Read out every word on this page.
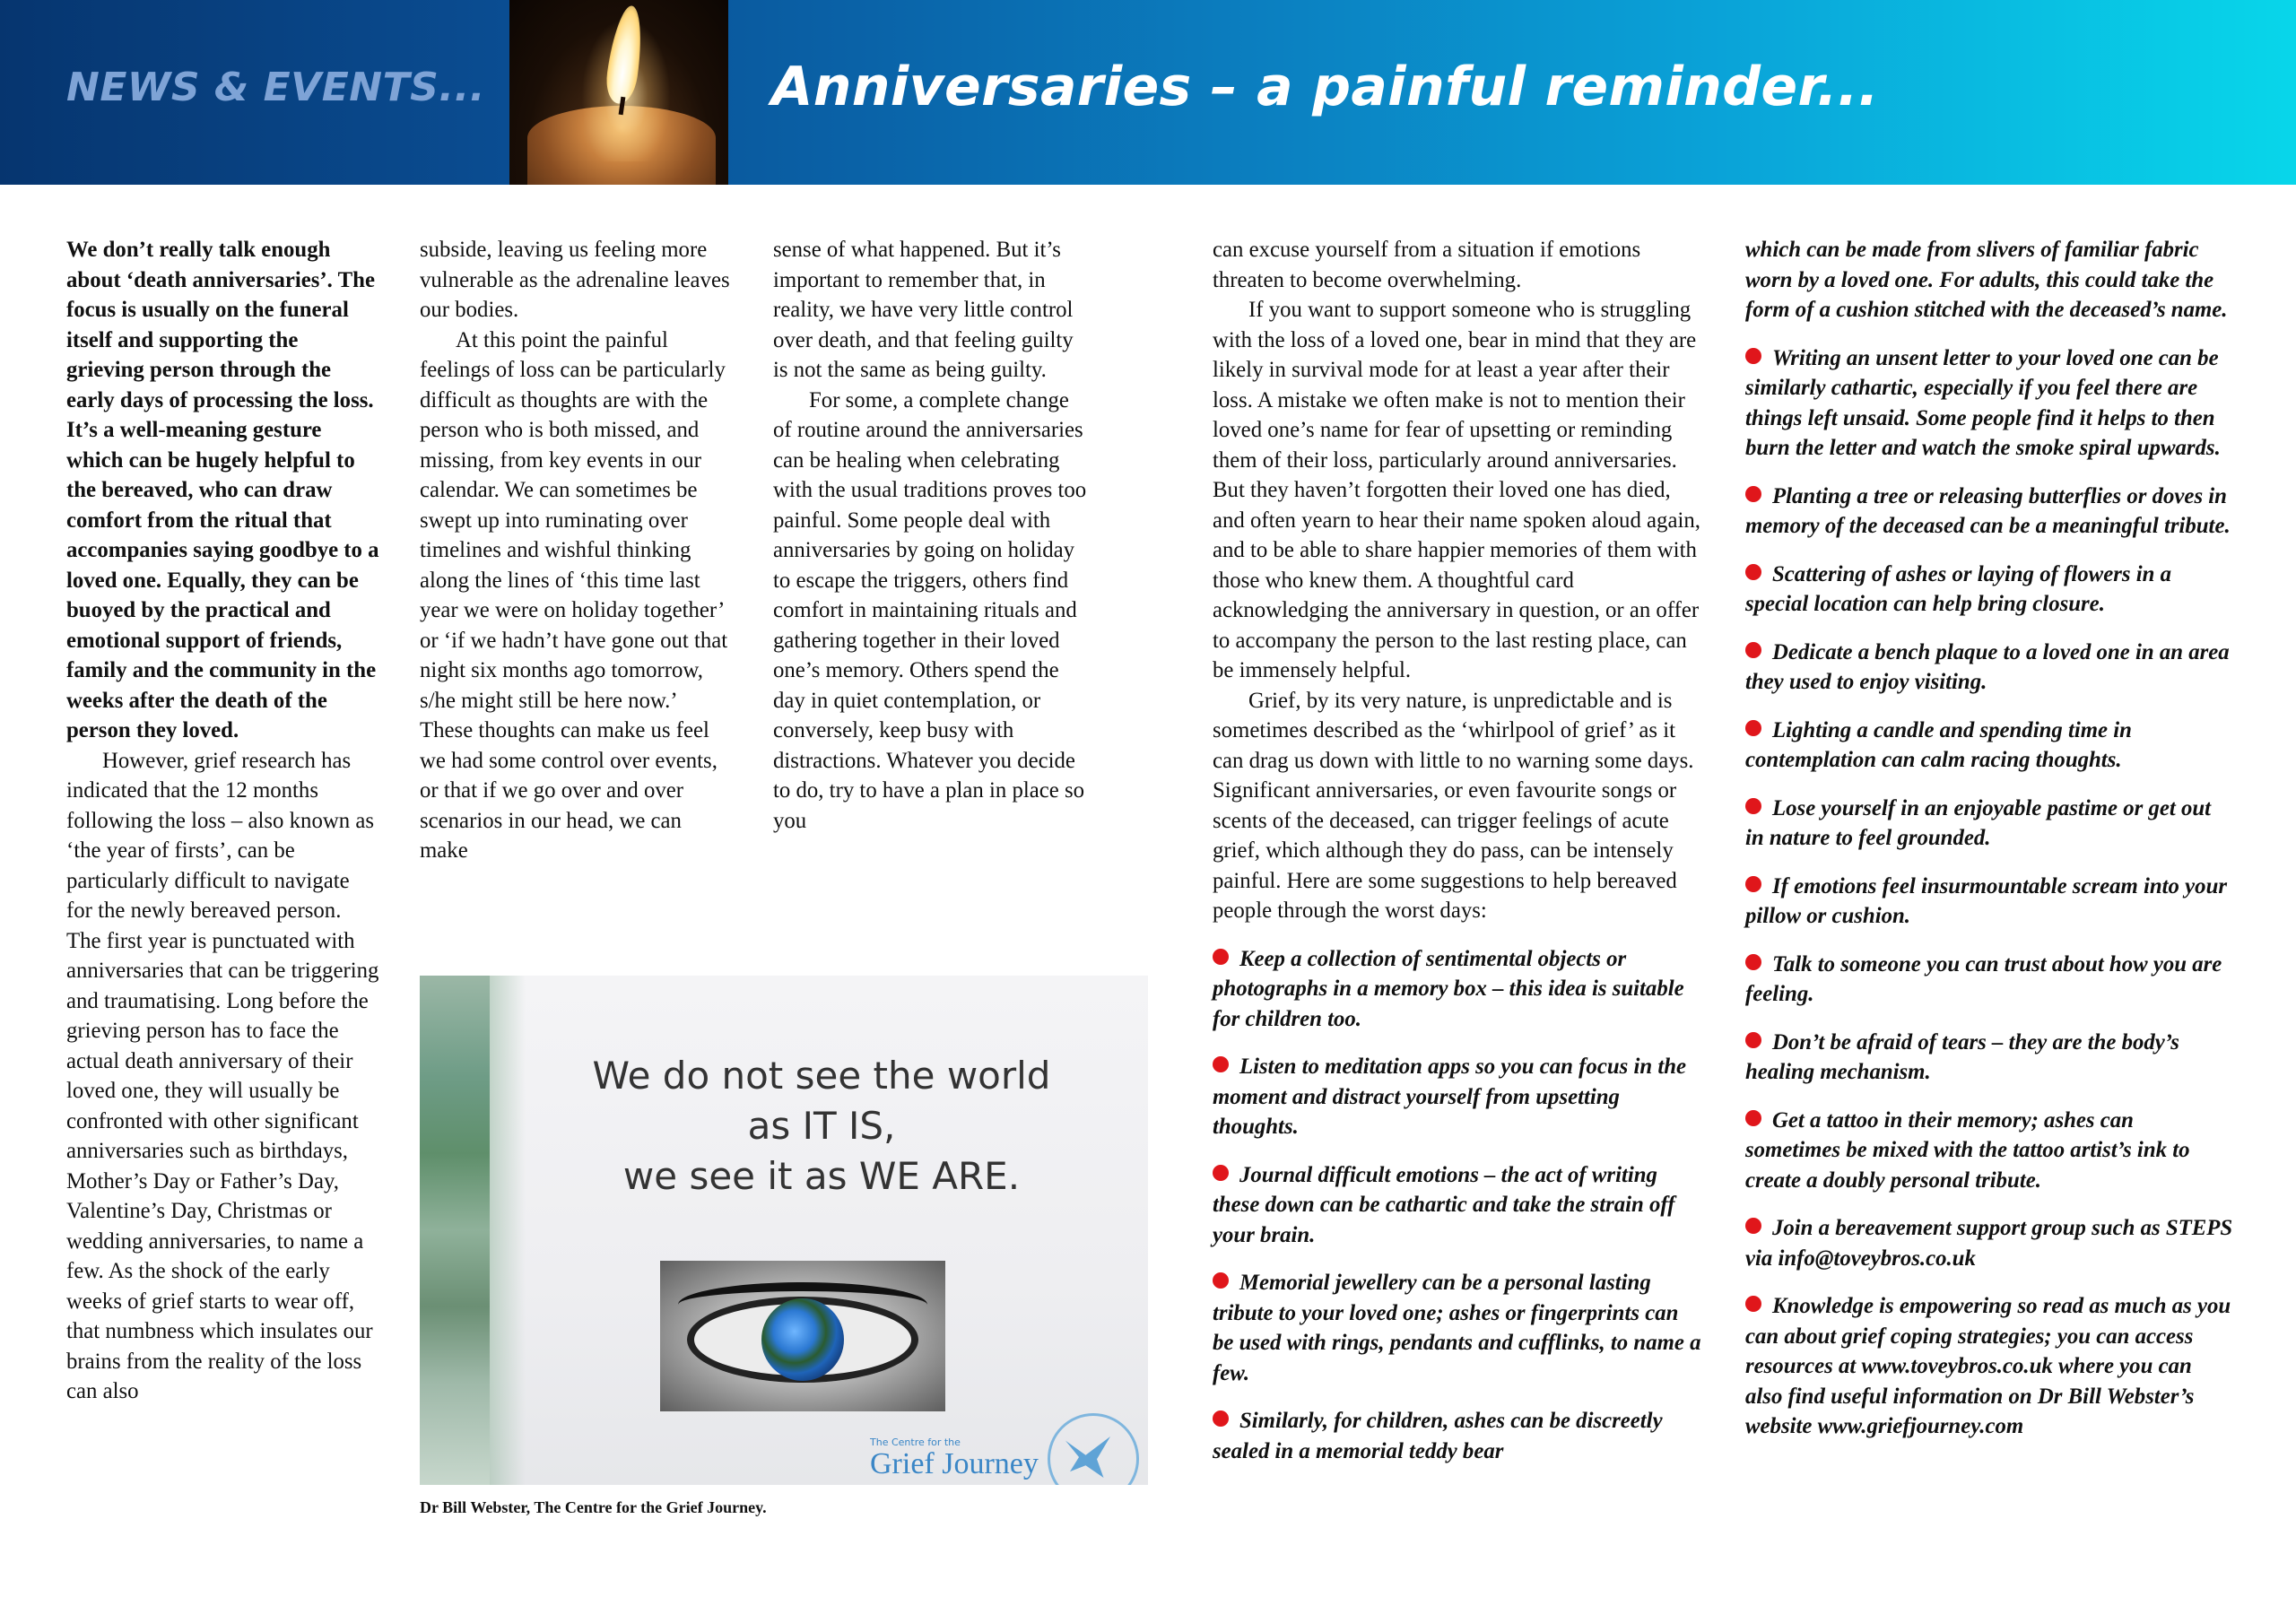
NEWS & EVENTS...	Anniversaries – a painful reminder...

We don’t really talk enough about ‘death anniversaries’. The focus is usually on the funeral itself and supporting the grieving person through the early days of processing the loss. It’s a well-meaning gesture which can be hugely helpful to the bereaved, who can draw comfort from the ritual that accompanies saying goodbye to a loved one. Equally, they can be buoyed by the practical and emotional support of friends, family and the community in the weeks after the death of the person they loved.

However, grief research has indicated that the 12 months following the loss – also known as ‘the year of firsts’, can be particularly difficult to navigate for the newly bereaved person. The first year is punctuated with anniversaries that can be triggering and traumatising. Long before the grieving person has to face the actual death anniversary of their loved one, they will usually be confronted with other significant anniversaries such as birthdays, Mother’s Day or Father’s Day, Valentine’s Day, Christmas or wedding anniversaries, to name a few. As the shock of the early weeks of grief starts to wear off, that numbness which insulates our brains from the reality of the loss can also

subside, leaving us feeling more vulnerable as the adrenaline leaves our bodies.

At this point the painful feelings of loss can be particularly difficult as thoughts are with the person who is both missed, and missing, from key events in our calendar. We can sometimes be swept up into ruminating over timelines and wishful thinking along the lines of ‘this time last year we were on holiday together’ or ‘if we hadn’t have gone out that night six months ago tomorrow, s/he might still be here now.’ These thoughts can make us feel we had some control over events, or that if we go over and over scenarios in our head, we can make

sense of what happened. But it’s important to remember that, in reality, we have very little control over death, and that feeling guilty is not the same as being guilty.

For some, a complete change of routine around the anniversaries can be healing when celebrating with the usual traditions proves too painful. Some people deal with anniversaries by going on holiday to escape the triggers, others find comfort in maintaining rituals and gathering together in their loved one’s memory. Others spend the day in quiet contemplation, or conversely, keep busy with distractions. Whatever you decide to do, try to have a plan in place so you

can excuse yourself from a situation if emotions threaten to become overwhelming.

If you want to support someone who is struggling with the loss of a loved one, bear in mind that they are likely in survival mode for at least a year after their loss. A mistake we often make is not to mention their loved one’s name for fear of upsetting or reminding them of their loss, particularly around anniversaries. But they haven’t forgotten their loved one has died, and often yearn to hear their name spoken aloud again, and to be able to share happier memories of them with those who knew them. A thoughtful card acknowledging the anniversary in question, or an offer to accompany the person to the last resting place, can be immensely helpful.

Grief, by its very nature, is unpredictable and is sometimes described as the ‘whirlpool of grief’ as it can drag us down with little to no warning some days. Significant anniversaries, or even favourite songs or scents of the deceased, can trigger feelings of acute grief, which although they do pass, can be intensely painful. Here are some suggestions to help bereaved people through the worst days:

Keep a collection of sentimental objects or photographs in a memory box – this idea is suitable for children too.

Listen to meditation apps so you can focus in the moment and distract yourself from upsetting thoughts.

Journal difficult emotions – the act of writing these down can be cathartic and take the strain off your brain.

Memorial jewellery can be a personal lasting tribute to your loved one; ashes or fingerprints can be used with rings, pendants and cufflinks, to name a few.

Similarly, for children, ashes can be discreetly sealed in a memorial teddy bear

which can be made from slivers of familiar fabric worn by a loved one. For adults, this could take the form of a cushion stitched with the deceased’s name.

Writing an unsent letter to your loved one can be similarly cathartic, especially if you feel there are things left unsaid. Some people find it helps to then burn the letter and watch the smoke spiral upwards.

Planting a tree or releasing butterflies or doves in memory of the deceased can be a meaningful tribute.

Scattering of ashes or laying of flowers in a special location can help bring closure.

Dedicate a bench plaque to a loved one in an area they used to enjoy visiting.

Lighting a candle and spending time in contemplation can calm racing thoughts.

Lose yourself in an enjoyable pastime or get out in nature to feel grounded.

If emotions feel insurmountable scream into your pillow or cushion.

Talk to someone you can trust about how you are feeling.

Don’t be afraid of tears – they are the body’s healing mechanism.

Get a tattoo in their memory; ashes can sometimes be mixed with the tattoo artist’s ink to create a doubly personal tribute.

Join a bereavement support group such as STEPS via info@toveybros.co.uk

Knowledge is empowering so read as much as you can about grief coping strategies; you can access resources at www.toveybros.co.uk where you can also find useful information on Dr Bill Webster’s website www.griefjourney.com

We do not see the world
as IT IS,
we see it as WE ARE.
The Centre for the
Grief Journey
Dr Bill Webster, The Centre for the Grief Journey.
